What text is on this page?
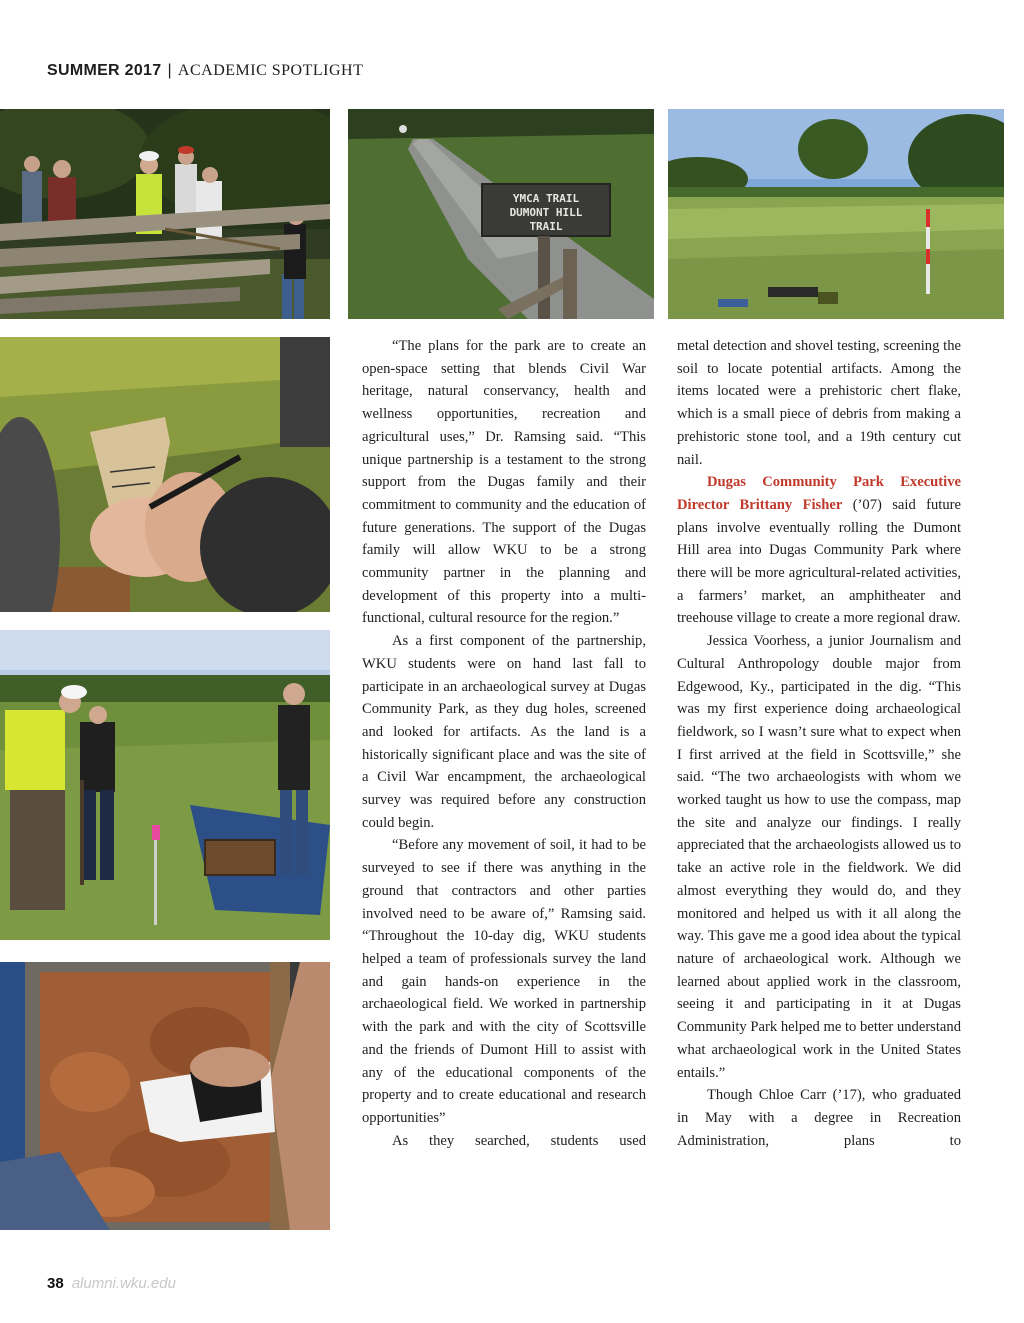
SUMMER 2017 | ACADEMIC SPOTLIGHT
YMCA TRAIL
DUMONT HILL
TRAIL

“The plans for the park are to create an open-space setting that blends Civil War heritage, natural conservancy, health and wellness opportunities, recreation and agricultural uses,” Dr. Ramsing said. “This unique partnership is a testament to the strong support from the Dugas family and their commitment to community and the education of future generations. The support of the Dugas family will allow WKU to be a strong community partner in the planning and development of this property into a multi-functional, cultural resource for the region.”

As a first component of the partnership, WKU students were on hand last fall to participate in an archaeological survey at Dugas Community Park, as they dug holes, screened and looked for artifacts. As the land is a historically significant place and was the site of a Civil War encampment, the archaeological survey was required before any construction could begin.

“Before any movement of soil, it had to be surveyed to see if there was anything in the ground that contractors and other parties involved need to be aware of,” Ramsing said. “Throughout the 10-day dig, WKU students helped a team of professionals survey the land and gain hands-on experience in the archaeological field. We worked in partnership with the park and with the city of Scottsville and the friends of Dumont Hill to assist with any of the educational components of the property and to create educational and research opportunities”

As they searched, students used

metal detection and shovel testing, screening the soil to locate potential artifacts. Among the items located were a prehistoric chert flake, which is a small piece of debris from making a prehistoric stone tool, and a 19th century cut nail.

Dugas Community Park Executive Director Brittany Fisher (’07) said future plans involve eventually rolling the Dumont Hill area into Dugas Community Park where there will be more agricultural-related activities, a farmers’ market, an amphitheater and treehouse village to create a more regional draw.

Jessica Voorhess, a junior Journalism and Cultural Anthropology double major from Edgewood, Ky., participated in the dig. “This was my first experience doing archaeological fieldwork, so I wasn’t sure what to expect when I first arrived at the field in Scottsville,” she said. “The two archaeologists with whom we worked taught us how to use the compass, map the site and analyze our findings. I really appreciated that the archaeologists allowed us to take an active role in the fieldwork. We did almost everything they would do, and they monitored and helped us with it all along the way. This gave me a good idea about the typical nature of archaeological work. Although we learned about applied work in the classroom, seeing it and participating in it at Dugas Community Park helped me to better understand what archaeological work in the United States entails.”

Though Chloe Carr (’17), who graduated in May with a degree in Recreation Administration, plans to

38 alumni.wku.edu
